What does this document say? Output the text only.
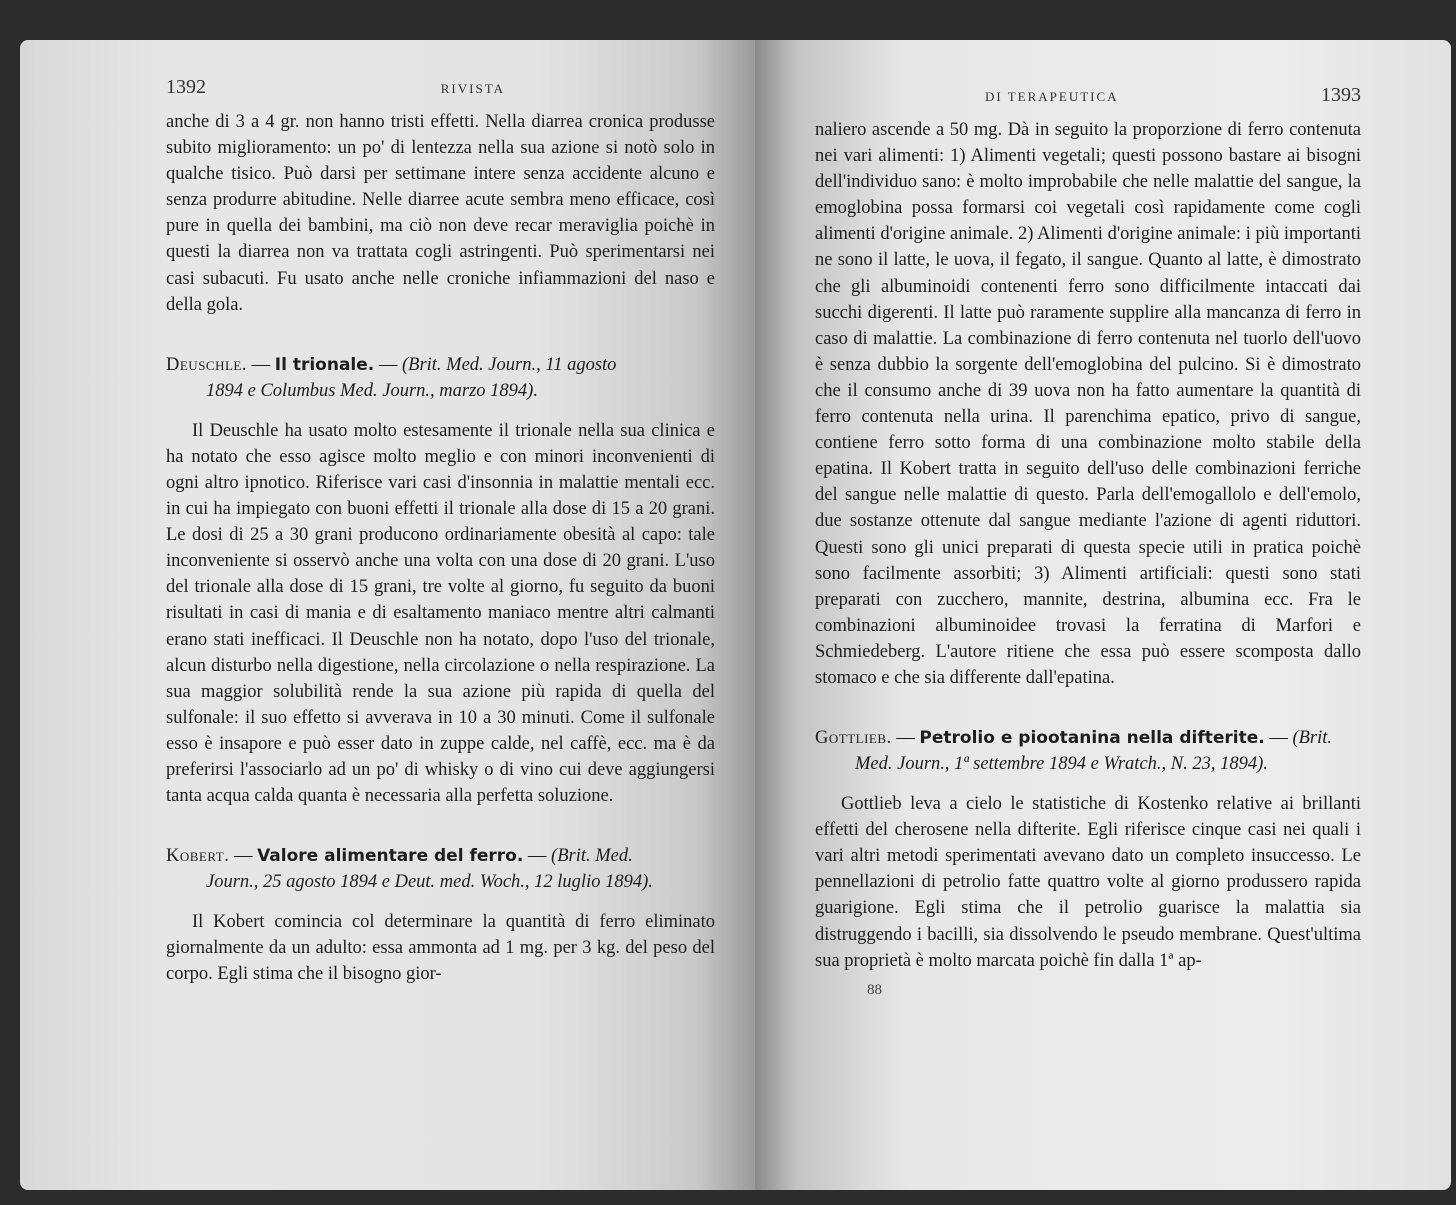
1392	RIVISTA

anche di 3 a 4 gr. non hanno tristi effetti. Nella diarrea cronica produsse subito miglioramento: un po' di lentezza nella sua azione si notò solo in qualche tisico. Può darsi per settimane intere senza accidente alcuno e senza produrre abitudine. Nelle diarree acute sembra meno efficace, così pure in quella dei bambini, ma ciò non deve recar meraviglia poichè in questi la diarrea non va trattata cogli astringenti. Può sperimentarsi nei casi subacuti. Fu usato anche nelle croniche infiammazioni del naso e della gola.

Deuschle. — Il trionale. — (Brit. Med. Journ., 11 agosto
1894 e Columbus Med. Journ., marzo 1894).

Il Deuschle ha usato molto estesamente il trionale nella sua clinica e ha notato che esso agisce molto meglio e con minori inconvenienti di ogni altro ipnotico. Riferisce vari casi d'insonnia in malattie mentali ecc. in cui ha impiegato con buoni effetti il trionale alla dose di 15 a 20 grani. Le dosi di 25 a 30 grani producono ordinariamente obesità al capo: tale inconveniente si osservò anche una volta con una dose di 20 grani. L'uso del trionale alla dose di 15 grani, tre volte al giorno, fu seguito da buoni risultati in casi di mania e di esaltamento maniaco mentre altri calmanti erano stati inefficaci. Il Deuschle non ha notato, dopo l'uso del trionale, alcun disturbo nella digestione, nella circolazione o nella respirazione. La sua maggior solubilità rende la sua azione più rapida di quella del sulfonale: il suo effetto si avverava in 10 a 30 minuti. Come il sulfonale esso è insapore e può esser dato in zuppe calde, nel caffè, ecc. ma è da preferirsi l'associarlo ad un po' di whisky o di vino cui deve aggiungersi tanta acqua calda quanta è necessaria alla perfetta soluzione.

Kobert. — Valore alimentare del ferro. — (Brit. Med.
Journ., 25 agosto 1894 e Deut. med. Woch., 12 luglio 1894).

Il Kobert comincia col determinare la quantità di ferro eliminato giornalmente da un adulto: essa ammonta ad 1 mg. per 3 kg. del peso del corpo. Egli stima che il bisogno gior-

DI TERAPEUTICA	1393

naliero ascende a 50 mg. Dà in seguito la proporzione di ferro contenuta nei vari alimenti: 1) Alimenti vegetali; questi possono bastare ai bisogni dell'individuo sano: è molto improbabile che nelle malattie del sangue, la emoglobina possa formarsi coi vegetali così rapidamente come cogli alimenti d'origine animale. 2) Alimenti d'origine animale: i più importanti ne sono il latte, le uova, il fegato, il sangue. Quanto al latte, è dimostrato che gli albuminoidi contenenti ferro sono difficilmente intaccati dai succhi digerenti. Il latte può raramente supplire alla mancanza di ferro in caso di malattie. La combinazione di ferro contenuta nel tuorlo dell'uovo è senza dubbio la sorgente dell'emoglobina del pulcino. Si è dimostrato che il consumo anche di 39 uova non ha fatto aumentare la quantità di ferro contenuta nella urina. Il parenchima epatico, privo di sangue, contiene ferro sotto forma di una combinazione molto stabile della epatina. Il Kobert tratta in seguito dell'uso delle combinazioni ferriche del sangue nelle malattie di questo. Parla dell'emogallolo e dell'emolo, due sostanze ottenute dal sangue mediante l'azione di agenti riduttori. Questi sono gli unici preparati di questa specie utili in pratica poichè sono facilmente assorbiti; 3) Alimenti artificiali: questi sono stati preparati con zucchero, mannite, destrina, albumina ecc. Fra le combinazioni albuminoidee trovasi la ferratina di Marfori e Schmiedeberg. L'autore ritiene che essa può essere scomposta dallo stomaco e che sia differente dall'epatina.

Gottlieb. — Petrolio e piootanina nella difterite. — (Brit.
Med. Journ., 1ª settembre 1894 e Wratch., N. 23, 1894).

Gottlieb leva a cielo le statistiche di Kostenko relative ai brillanti effetti del cherosene nella difterite. Egli riferisce cinque casi nei quali i vari altri metodi sperimentati avevano dato un completo insuccesso. Le pennellazioni di petrolio fatte quattro volte al giorno produssero rapida guarigione. Egli stima che il petrolio guarisce la malattia sia distruggendo i bacilli, sia dissolvendo le pseudo membrane. Quest'ultima sua proprietà è molto marcata poichè fin dalla 1ª ap-

88
